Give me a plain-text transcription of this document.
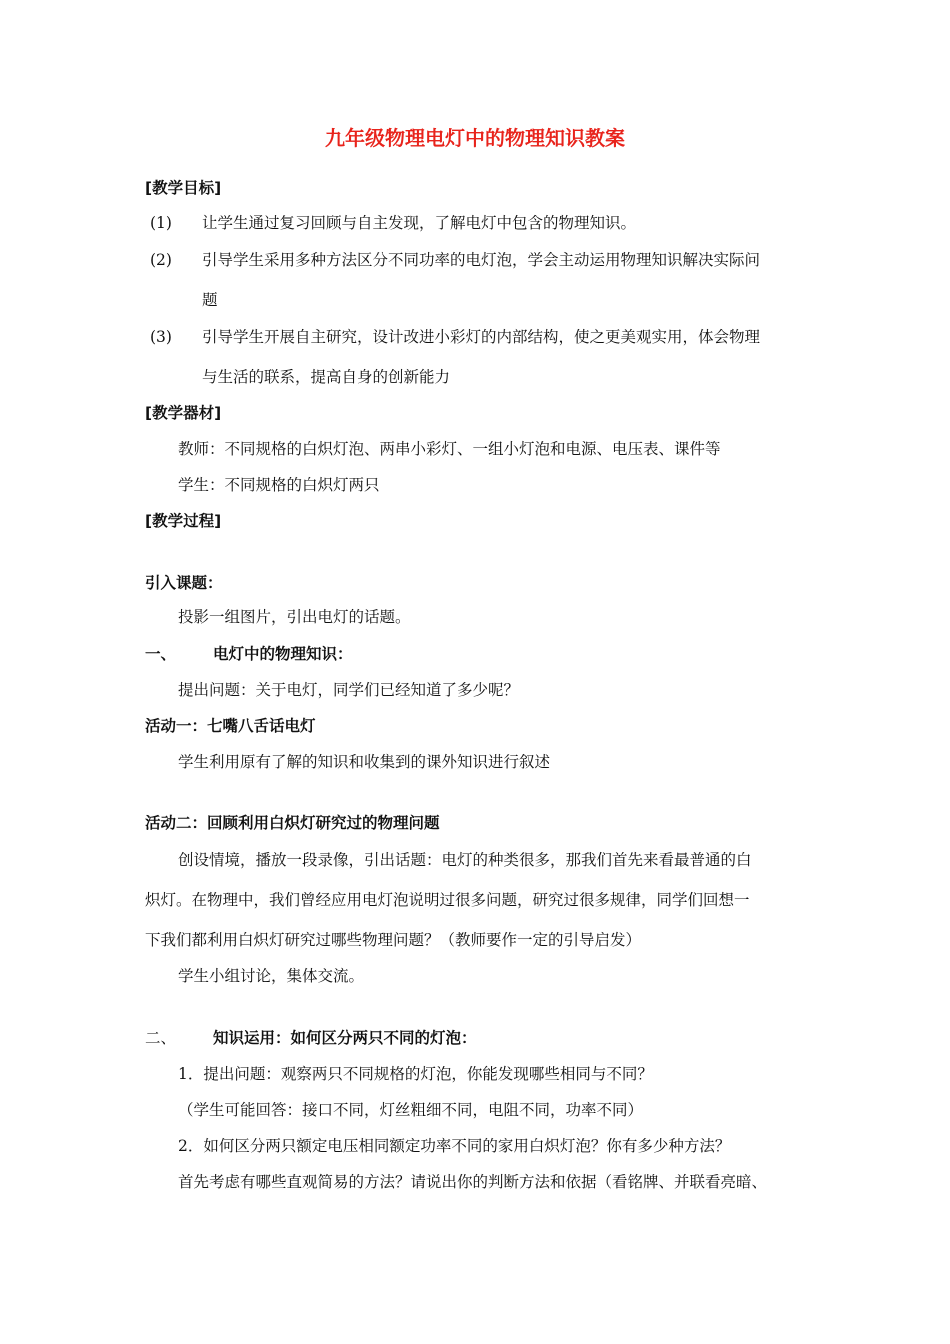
九年级物理电灯中的物理知识教案
[教学目标]
(1) 让学生通过复习回顾与自主发现，了解电灯中包含的物理知识。
(2) 引导学生采用多种方法区分不同功率的电灯泡，学会主动运用物理知识解决实际问
题
(3) 引导学生开展自主研究，设计改进小彩灯的内部结构，使之更美观实用，体会物理
与生活的联系，提高自身的创新能力
[教学器材]
教师：不同规格的白炽灯泡、两串小彩灯、一组小灯泡和电源、电压表、课件等
学生：不同规格的白炽灯两只
[教学过程]
引入课题：
投影一组图片，引出电灯的话题。
一、 电灯中的物理知识：
提出问题：关于电灯，同学们已经知道了多少呢？
活动一：七嘴八舌话电灯
学生利用原有了解的知识和收集到的课外知识进行叙述
活动二：回顾利用白炽灯研究过的物理问题
创设情境，播放一段录像，引出话题：电灯的种类很多，那我们首先来看最普通的白
炽灯。在物理中，我们曾经应用电灯泡说明过很多问题，研究过很多规律，同学们回想一
下我们都利用白炽灯研究过哪些物理问题？（教师要作一定的引导启发）
学生小组讨论，集体交流。
二、 知识运用：如何区分两只不同的灯泡：
1．提出问题：观察两只不同规格的灯泡，你能发现哪些相同与不同？
（学生可能回答：接口不同，灯丝粗细不同，电阻不同，功率不同）
2．如何区分两只额定电压相同额定功率不同的家用白炽灯泡？你有多少种方法？
首先考虑有哪些直观简易的方法？请说出你的判断方法和依据（看铭牌、并联看亮暗、
